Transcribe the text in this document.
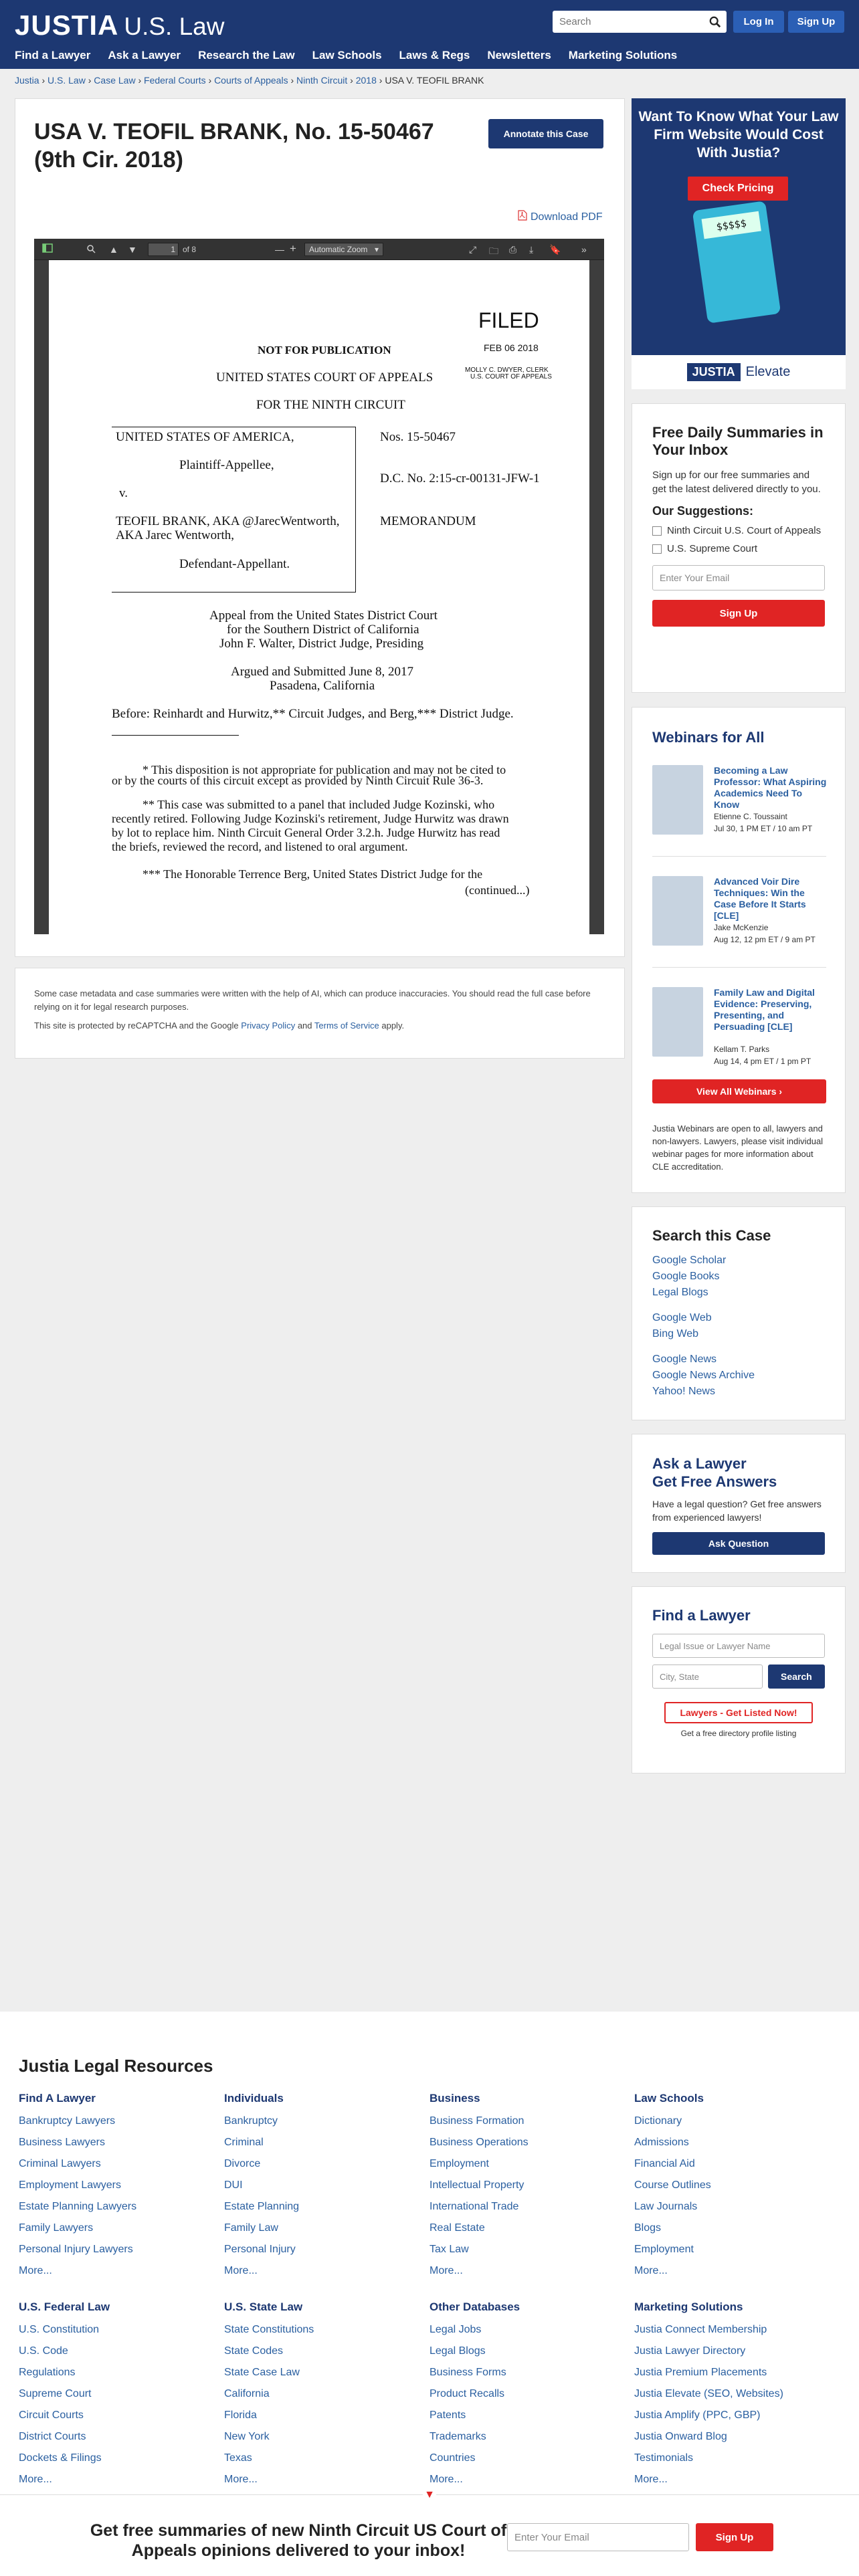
JUSTIA U.S. Law
Search	Log In	Sign Up
Find a Lawyer Ask a Lawyer Research the Law Law Schools Laws & Regs Newsletters Marketing Solutions
Justia › U.S. Law › Case Law › Federal Courts › Courts of Appeals › Ninth Circuit › 2018 › USA V. TEOFIL BRANK
USA V. TEOFIL BRANK, No. 15-50467 (9th Cir. 2018)
Annotate this Case
Download PDF
▲ ▼
1	of 8	— +	Automatic Zoom ▾	⤢ 🗀 ⎙ ⤓ 🔖 »
NOT FOR PUBLICATION
UNITED STATES COURT OF APPEALS
FOR THE NINTH CIRCUIT
FILED
FEB 06 2018
MOLLY C. DWYER, CLERK
U.S. COURT OF APPEALS
UNITED STATES OF AMERICA,
Plaintiff-Appellee,
v.
TEOFIL BRANK, AKA @JarecWentworth,
AKA Jarec Wentworth,
Defendant-Appellant.
Nos. 15-50467
D.C. No. 2:15-cr-00131-JFW-1
MEMORANDUM
Appeal from the United States District Court
for the Southern District of California
John F. Walter, District Judge, Presiding
Argued and Submitted June 8, 2017
Pasadena, California
Before: Reinhardt and Hurwitz,** Circuit Judges, and Berg,*** District Judge.
* This disposition is not appropriate for publication and may not be cited to
or by the courts of this circuit except as provided by Ninth Circuit Rule 36-3.
** This case was submitted to a panel that included Judge Kozinski, who
recently retired. Following Judge Kozinski's retirement, Judge Hurwitz was drawn
by lot to replace him. Ninth Circuit General Order 3.2.h. Judge Hurwitz has read
the briefs, reviewed the record, and listened to oral argument.
*** The Honorable Terrence Berg, United States District Judge for the
(continued...)

Some case metadata and case summaries were written with the help of AI, which can produce inaccuracies. You should read the full case before relying on it for legal research purposes.

This site is protected by reCAPTCHA and the Google Privacy Policy and Terms of Service apply.

Want To Know What Your Law Firm Website Would Cost With Justia?
Check Pricing
$$$$$
JUSTIA Elevate
Free Daily Summaries in Your Inbox

Sign up for our free summaries and get the latest delivered directly to you.

Our Suggestions:

Ninth Circuit U.S. Court of Appeals
U.S. Supreme Court
Enter Your Email
Sign Up
Webinars for All
Becoming a Law Professor: What Aspiring Academics Need To Know
Etienne C. Toussaint
Jul 30, 1 PM ET / 10 am PT
Advanced Voir Dire Techniques: Win the Case Before It Starts [CLE]
Jake McKenzie
Aug 12, 12 pm ET / 9 am PT
Family Law and Digital Evidence: Preserving, Presenting, and Persuading [CLE]
Kellam T. Parks
Aug 14, 4 pm ET / 1 pm PT
View All Webinars ›

Justia Webinars are open to all, lawyers and non-lawyers. Lawyers, please visit individual webinar pages for more information about CLE accreditation.

Search this Case
Google Scholar
Google Books
Legal Blogs
Google Web
Bing Web
Google News
Google News Archive
Yahoo! News
Ask a Lawyer
Get Free Answers

Have a legal question? Get free answers from experienced lawyers!

Ask Question
Find a Lawyer
Legal Issue or Lawyer Name
City, State	Search
Lawyers - Get Listed Now!

Get a free directory profile listing

Justia Legal Resources
Find A Lawyer
Bankruptcy Lawyers
Business Lawyers
Criminal Lawyers
Employment Lawyers
Estate Planning Lawyers
Family Lawyers
Personal Injury Lawyers
More...
Individuals
Bankruptcy
Criminal
Divorce
DUI
Estate Planning
Family Law
Personal Injury
More...
Business
Business Formation
Business Operations
Employment
Intellectual Property
International Trade
Real Estate
Tax Law
More...
Law Schools
Dictionary
Admissions
Financial Aid
Course Outlines
Law Journals
Blogs
Employment
More...
U.S. Federal Law
U.S. Constitution
U.S. Code
Regulations
Supreme Court
Circuit Courts
District Courts
Dockets & Filings
More...
U.S. State Law
State Constitutions
State Codes
State Case Law
California
Florida
New York
Texas
More...
Other Databases
Legal Jobs
Legal Blogs
Business Forms
Product Recalls
Patents
Trademarks
Countries
More...
Marketing Solutions
Justia Connect Membership
Justia Lawyer Directory
Justia Premium Placements
Justia Elevate (SEO, Websites)
Justia Amplify (PPC, GBP)
Justia Onward Blog
Testimonials
More...
Get free summaries of new Ninth Circuit US Court of Appeals opinions delivered to your inbox!
Enter Your Email	Sign Up
▼
